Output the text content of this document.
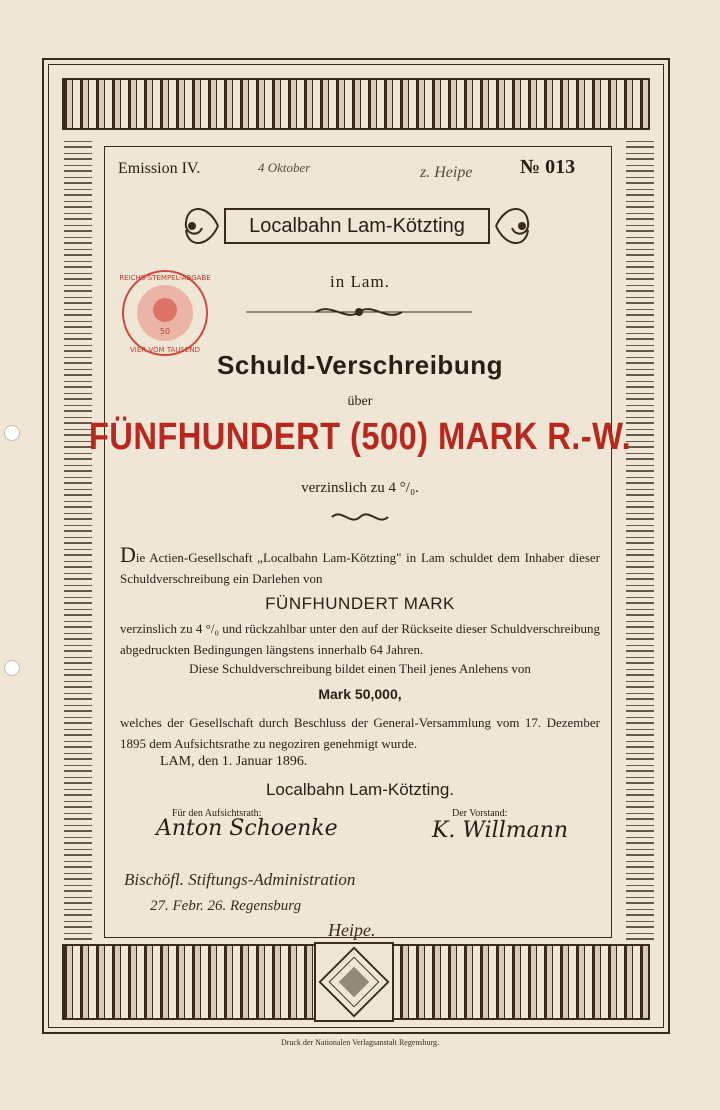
Emission IV.	4 Oktober	z. Heipe № 013
Localbahn Lam-Kötzting
in Lam.
REICHS-STEMPEL-ABGABE
VIER VOM TAUSEND
50
Schuld-Verschreibung
über
FÜNFHUNDERT (500) MARK R.-W.
verzinslich zu 4 °/₀.
Die Actien-Gesellschaft „Localbahn Lam-Kötzting" in Lam schuldet dem Inhaber dieser Schuldverschreibung ein Darlehen von
FÜNFHUNDERT MARK
verzinslich zu 4 °/₀ und rückzahlbar unter den auf der Rückseite dieser Schuldverschreibung abgedruckten Bedingungen längstens innerhalb 64 Jahren.
Diese Schuldverschreibung bildet einen Theil jenes Anlehens von
Mark 50,000,
welches der Gesellschaft durch Beschluss der General-Versammlung vom 17. Dezember 1895 dem Aufsichtsrathe zu negoziren genehmigt wurde.
LAM, den 1. Januar 1896.
Localbahn Lam-Kötzting.
Für den Aufsichtsrath:	Der Vorstand:
Anton Schoenke	K. Willmann
Bischöfl. Stiftungs-Administration
27. Febr. 26. Regensburg
Heipe.
Druck der Nationalen Verlagsanstalt Regensburg.
